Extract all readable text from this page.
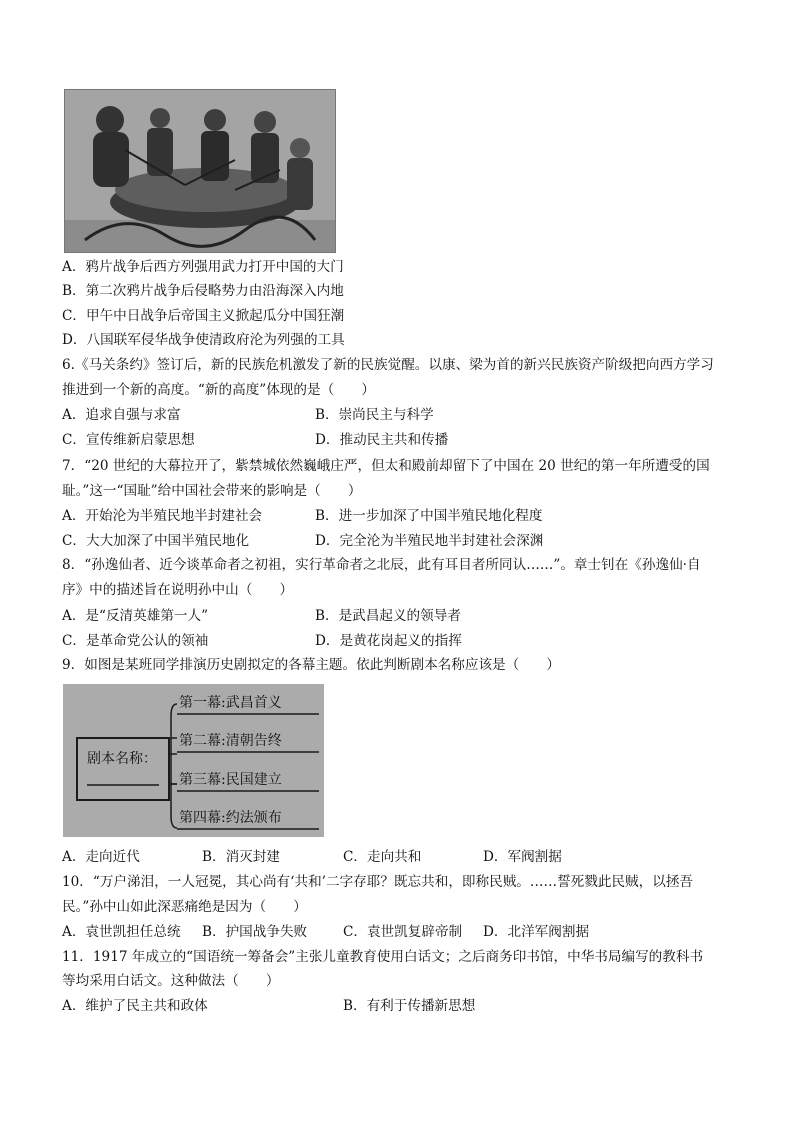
A．鸦片战争后西方列强用武力打开中国的大门
B．第二次鸦片战争后侵略势力由沿海深入内地
C．甲午中日战争后帝国主义掀起瓜分中国狂潮
D．八国联军侵华战争使清政府沦为列强的工具
6.《马关条约》签订后，新的民族危机激发了新的民族觉醒。以康、梁为首的新兴民族资产阶级把向西方学习
推进到一个新的高度。“新的高度”体现的是（　　）
A．追求自强与求富	B．崇尚民主与科学
C．宣传维新启蒙思想	D．推动民主共和传播
7．“20 世纪的大幕拉开了，紫禁城依然巍峨庄严，但太和殿前却留下了中国在 20 世纪的第一年所遭受的国
耻。”这一“国耻”给中国社会带来的影响是（　　）
A．开始沦为半殖民地半封建社会	B．进一步加深了中国半殖民地化程度
C．大大加深了中国半殖民地化	D．完全沦为半殖民地半封建社会深渊
8．“孙逸仙者、近今谈革命者之初祖，实行革命者之北辰，此有耳目者所同认……”。章士钊在《孙逸仙·自
序》中的描述旨在说明孙中山（　　）
A．是“反清英雄第一人”	B．是武昌起义的领导者
C．是革命党公认的领袖	D．是黄花岗起义的指挥
9．如图是某班同学排演历史剧拟定的各幕主题。依此判断剧本名称应该是（　　）
剧本名称：
第一幕:武昌首义
第二幕:清朝告终
第三幕:民国建立
第四幕:约法颁布
A．走向近代	B．消灭封建	C．走向共和	D．军阀割据
10．“万户涕泪，一人冠冕，其心尚有‘共和’二字存耶？既忘共和，即称民贼。……誓死戮此民贼，以拯吾
民。”孙中山如此深恶痛绝是因为（　　）
A．袁世凯担任总统 B．护国战争失败	C．袁世凯复辟帝制 D．北洋军阀割据
11．1917 年成立的“国语统一筹备会”主张儿童教育使用白话文；之后商务印书馆，中华书局编写的教科书
等均采用白话文。这种做法（　　）
A．维护了民主共和政体	B．有利于传播新思想
